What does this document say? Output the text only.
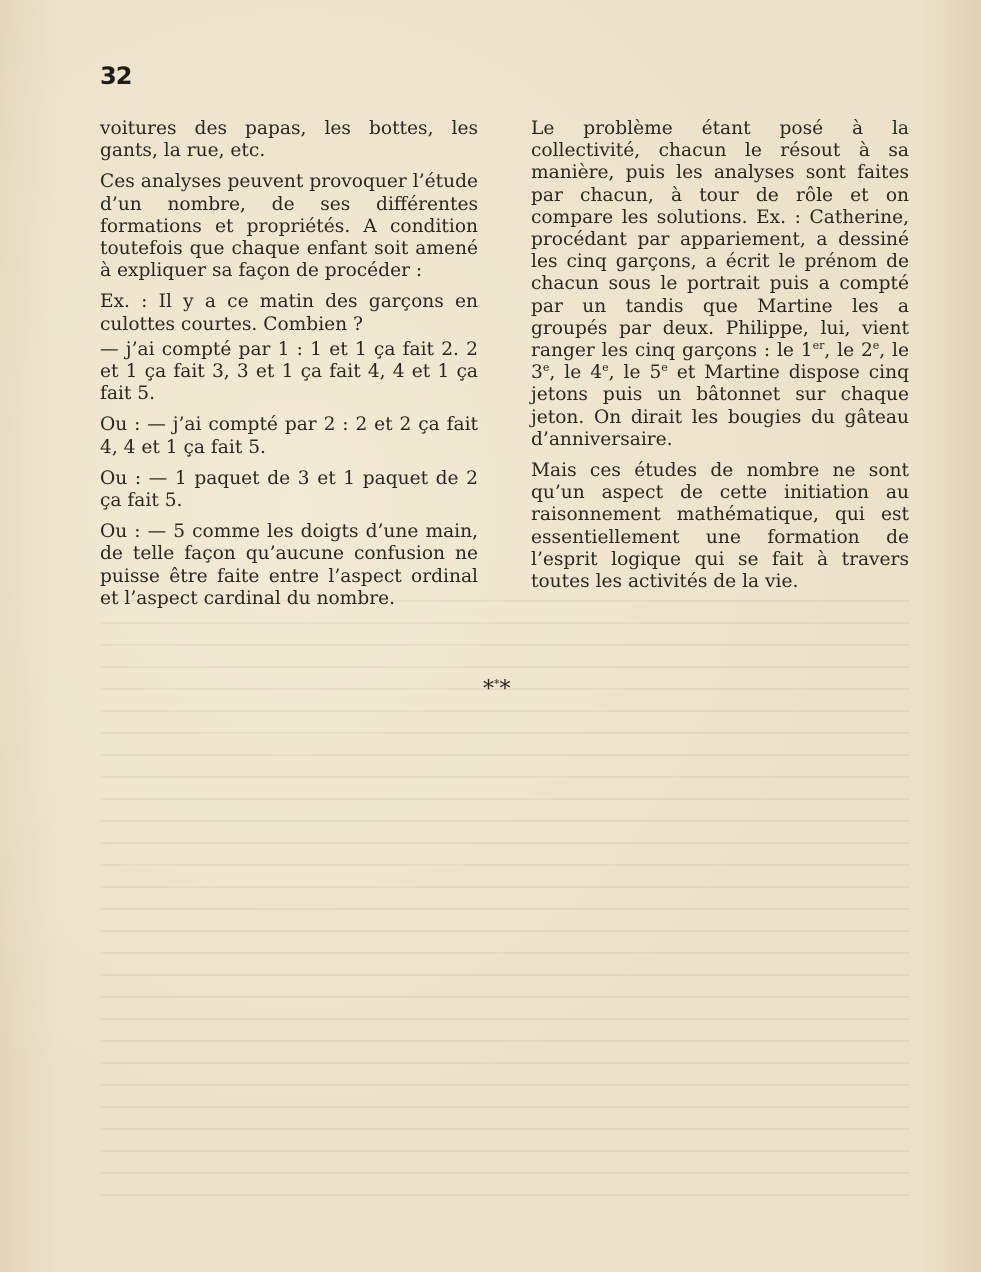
32

voitures des papas, les bottes, les gants, la rue, etc.

Ces analyses peuvent provoquer l’étude d’un nombre, de ses différentes formations et propriétés. A condition toutefois que chaque enfant soit amené à expliquer sa façon de procéder :

Ex. : Il y a ce matin des garçons en culottes courtes. Combien ?

— j’ai compté par 1 : 1 et 1 ça fait 2. 2 et 1 ça fait 3, 3 et 1 ça fait 4, 4 et 1 ça fait 5.

Ou : — j’ai compté par 2 : 2 et 2 ça fait 4, 4 et 1 ça fait 5.

Ou : — 1 paquet de 3 et 1 paquet de 2 ça fait 5.

Ou : — 5 comme les doigts d’une main, de telle façon qu’aucune confusion ne puisse être faite entre l’aspect ordinal et l’aspect cardinal du nombre.

Le problème étant posé à la collectivité, chacun le résout à sa manière, puis les analyses sont faites par chacun, à tour de rôle et on compare les solutions. Ex. : Catherine, procédant par appariement, a dessiné les cinq garçons, a écrit le prénom de chacun sous le portrait puis a compté par un tandis que Martine les a groupés par deux. Philippe, lui, vient ranger les cinq garçons : le 1er, le 2e, le 3e, le 4e, le 5e et Martine dispose cinq jetons puis un bâtonnet sur chaque jeton. On dirait les bougies du gâteau d’anniversaire.

Mais ces études de nombre ne sont qu’un aspect de cette initiation au raisonnement mathématique, qui est essentiellement une formation de l’esprit logique qui se fait à travers toutes les activités de la vie.

***
